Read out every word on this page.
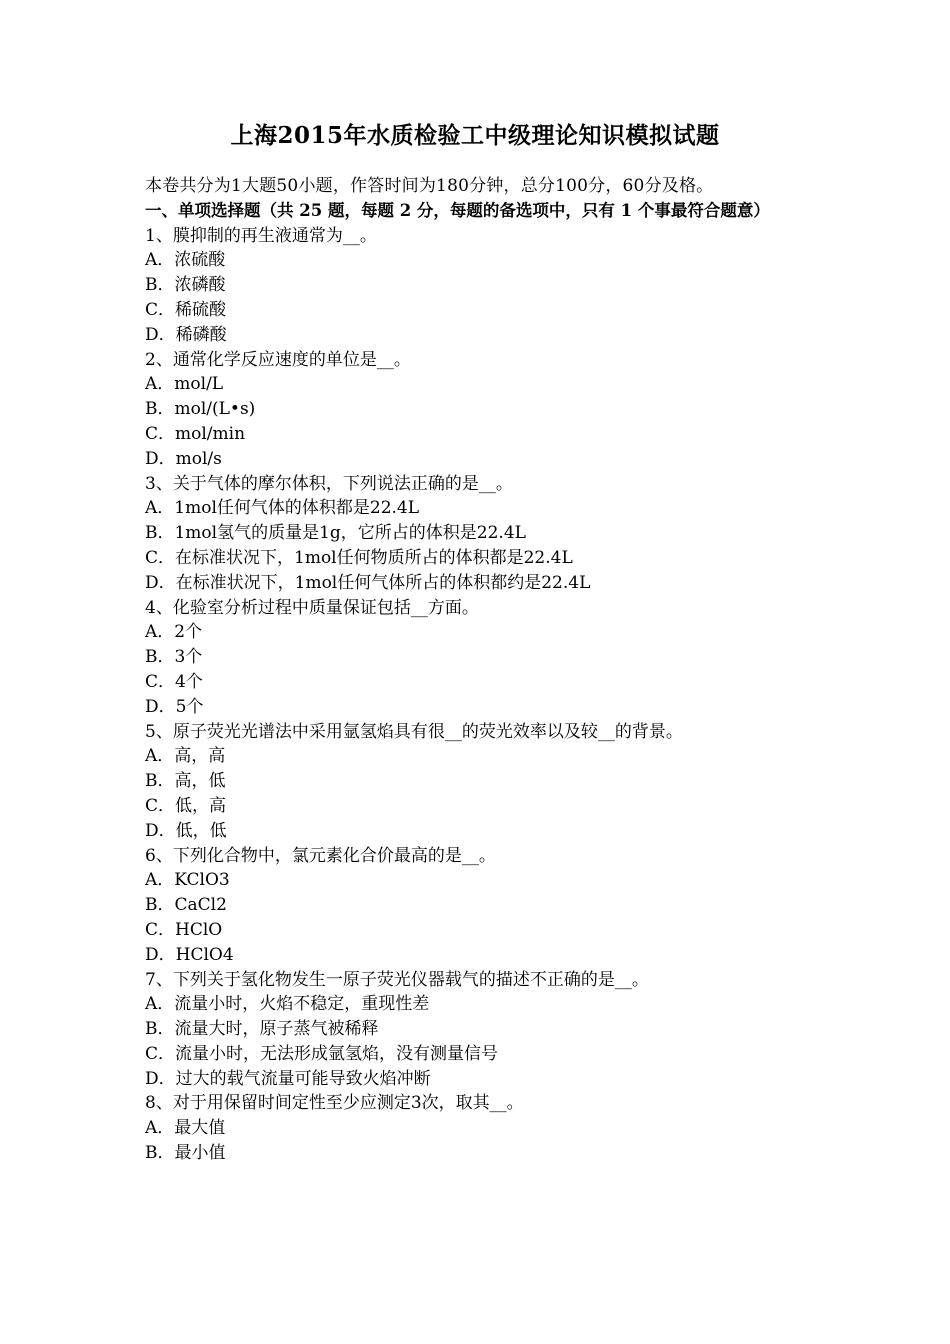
上海2015年水质检验工中级理论知识模拟试题
本卷共分为1大题50小题，作答时间为180分钟，总分100分，60分及格。
一、单项选择题（共 25 题，每题 2 分，每题的备选项中，只有 1 个事最符合题意）
1、膜抑制的再生液通常为__。
A．浓硫酸
B．浓磷酸
C．稀硫酸
D．稀磷酸
2、通常化学反应速度的单位是__。
A．mol/L
B．mol/(L•s)
C．mol/min
D．mol/s
3、关于气体的摩尔体积，下列说法正确的是__。
A．1mol任何气体的体积都是22.4L
B．1mol氢气的质量是1g，它所占的体积是22.4L
C．在标准状况下，1mol任何物质所占的体积都是22.4L
D．在标准状况下，1mol任何气体所占的体积都约是22.4L
4、化验室分析过程中质量保证包括__方面。
A．2个
B．3个
C．4个
D．5个
5、原子荧光光谱法中采用氩氢焰具有很__的荧光效率以及较__的背景。
A．高，高
B．高，低
C．低，高
D．低，低
6、下列化合物中，氯元素化合价最高的是__。
A．KClO3
B．CaCl2
C．HClO
D．HClO4
7、下列关于氢化物发生一原子荧光仪器载气的描述不正确的是__。
A．流量小时，火焰不稳定，重现性差
B．流量大时，原子蒸气被稀释
C．流量小时，无法形成氩氢焰，没有测量信号
D．过大的载气流量可能导致火焰冲断
8、对于用保留时间定性至少应测定3次，取其__。
A．最大值
B．最小值
